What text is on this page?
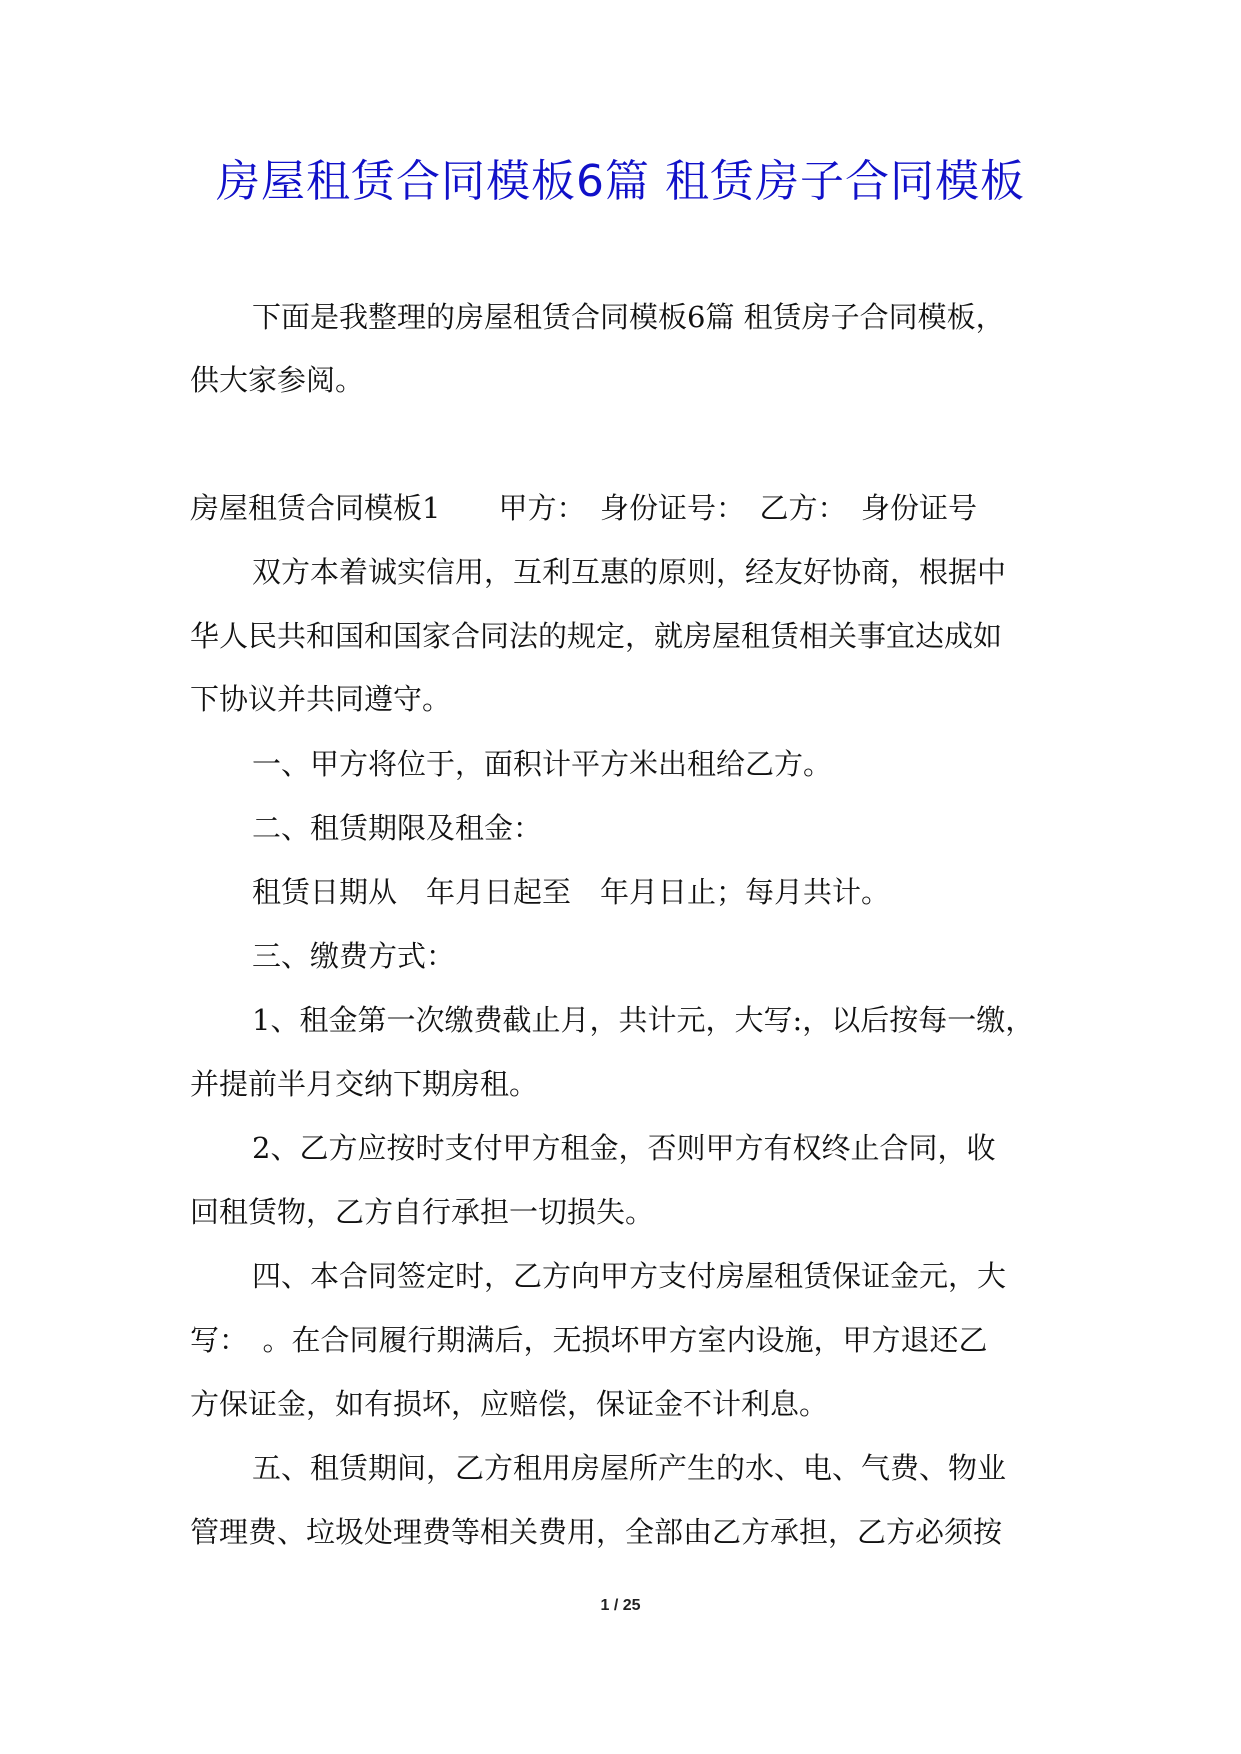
房屋租赁合同模板6篇 租赁房子合同模板
下面是我整理的房屋租赁合同模板6篇 租赁房子合同模板，
供大家参阅。
房屋租赁合同模板1　　甲方：　身份证号：　乙方：　身份证号
双方本着诚实信用，互利互惠的原则，经友好协商，根据中
华人民共和国和国家合同法的规定，就房屋租赁相关事宜达成如
下协议并共同遵守。
一、甲方将位于，面积计平方米出租给乙方。
二、租赁期限及租金：
租赁日期从　年月日起至　年月日止；每月共计。
三、缴费方式：
1、租金第一次缴费截止月，共计元，大写:，以后按每一缴，
并提前半月交纳下期房租。
2、乙方应按时支付甲方租金，否则甲方有权终止合同，收
回租赁物，乙方自行承担一切损失。
四、本合同签定时，乙方向甲方支付房屋租赁保证金元，大
写：　。在合同履行期满后，无损坏甲方室内设施，甲方退还乙
方保证金，如有损坏，应赔偿，保证金不计利息。
五、租赁期间，乙方租用房屋所产生的水、电、气费、物业
管理费、垃圾处理费等相关费用，全部由乙方承担，乙方必须按
1 / 25
